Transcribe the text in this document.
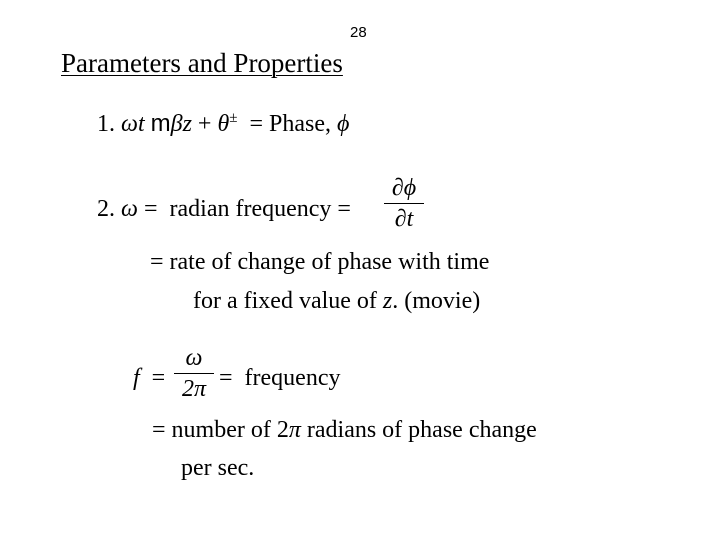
28
Parameters and Properties
1. ωt mβz + θ± = Phase, ϕ
2. ω = radian frequency =
∂ϕ
∂t
= rate of change of phase with time
for a fixed value of z. (movie)
f =
ω
2π = frequency
= number of 2π radians of phase change
per sec.
